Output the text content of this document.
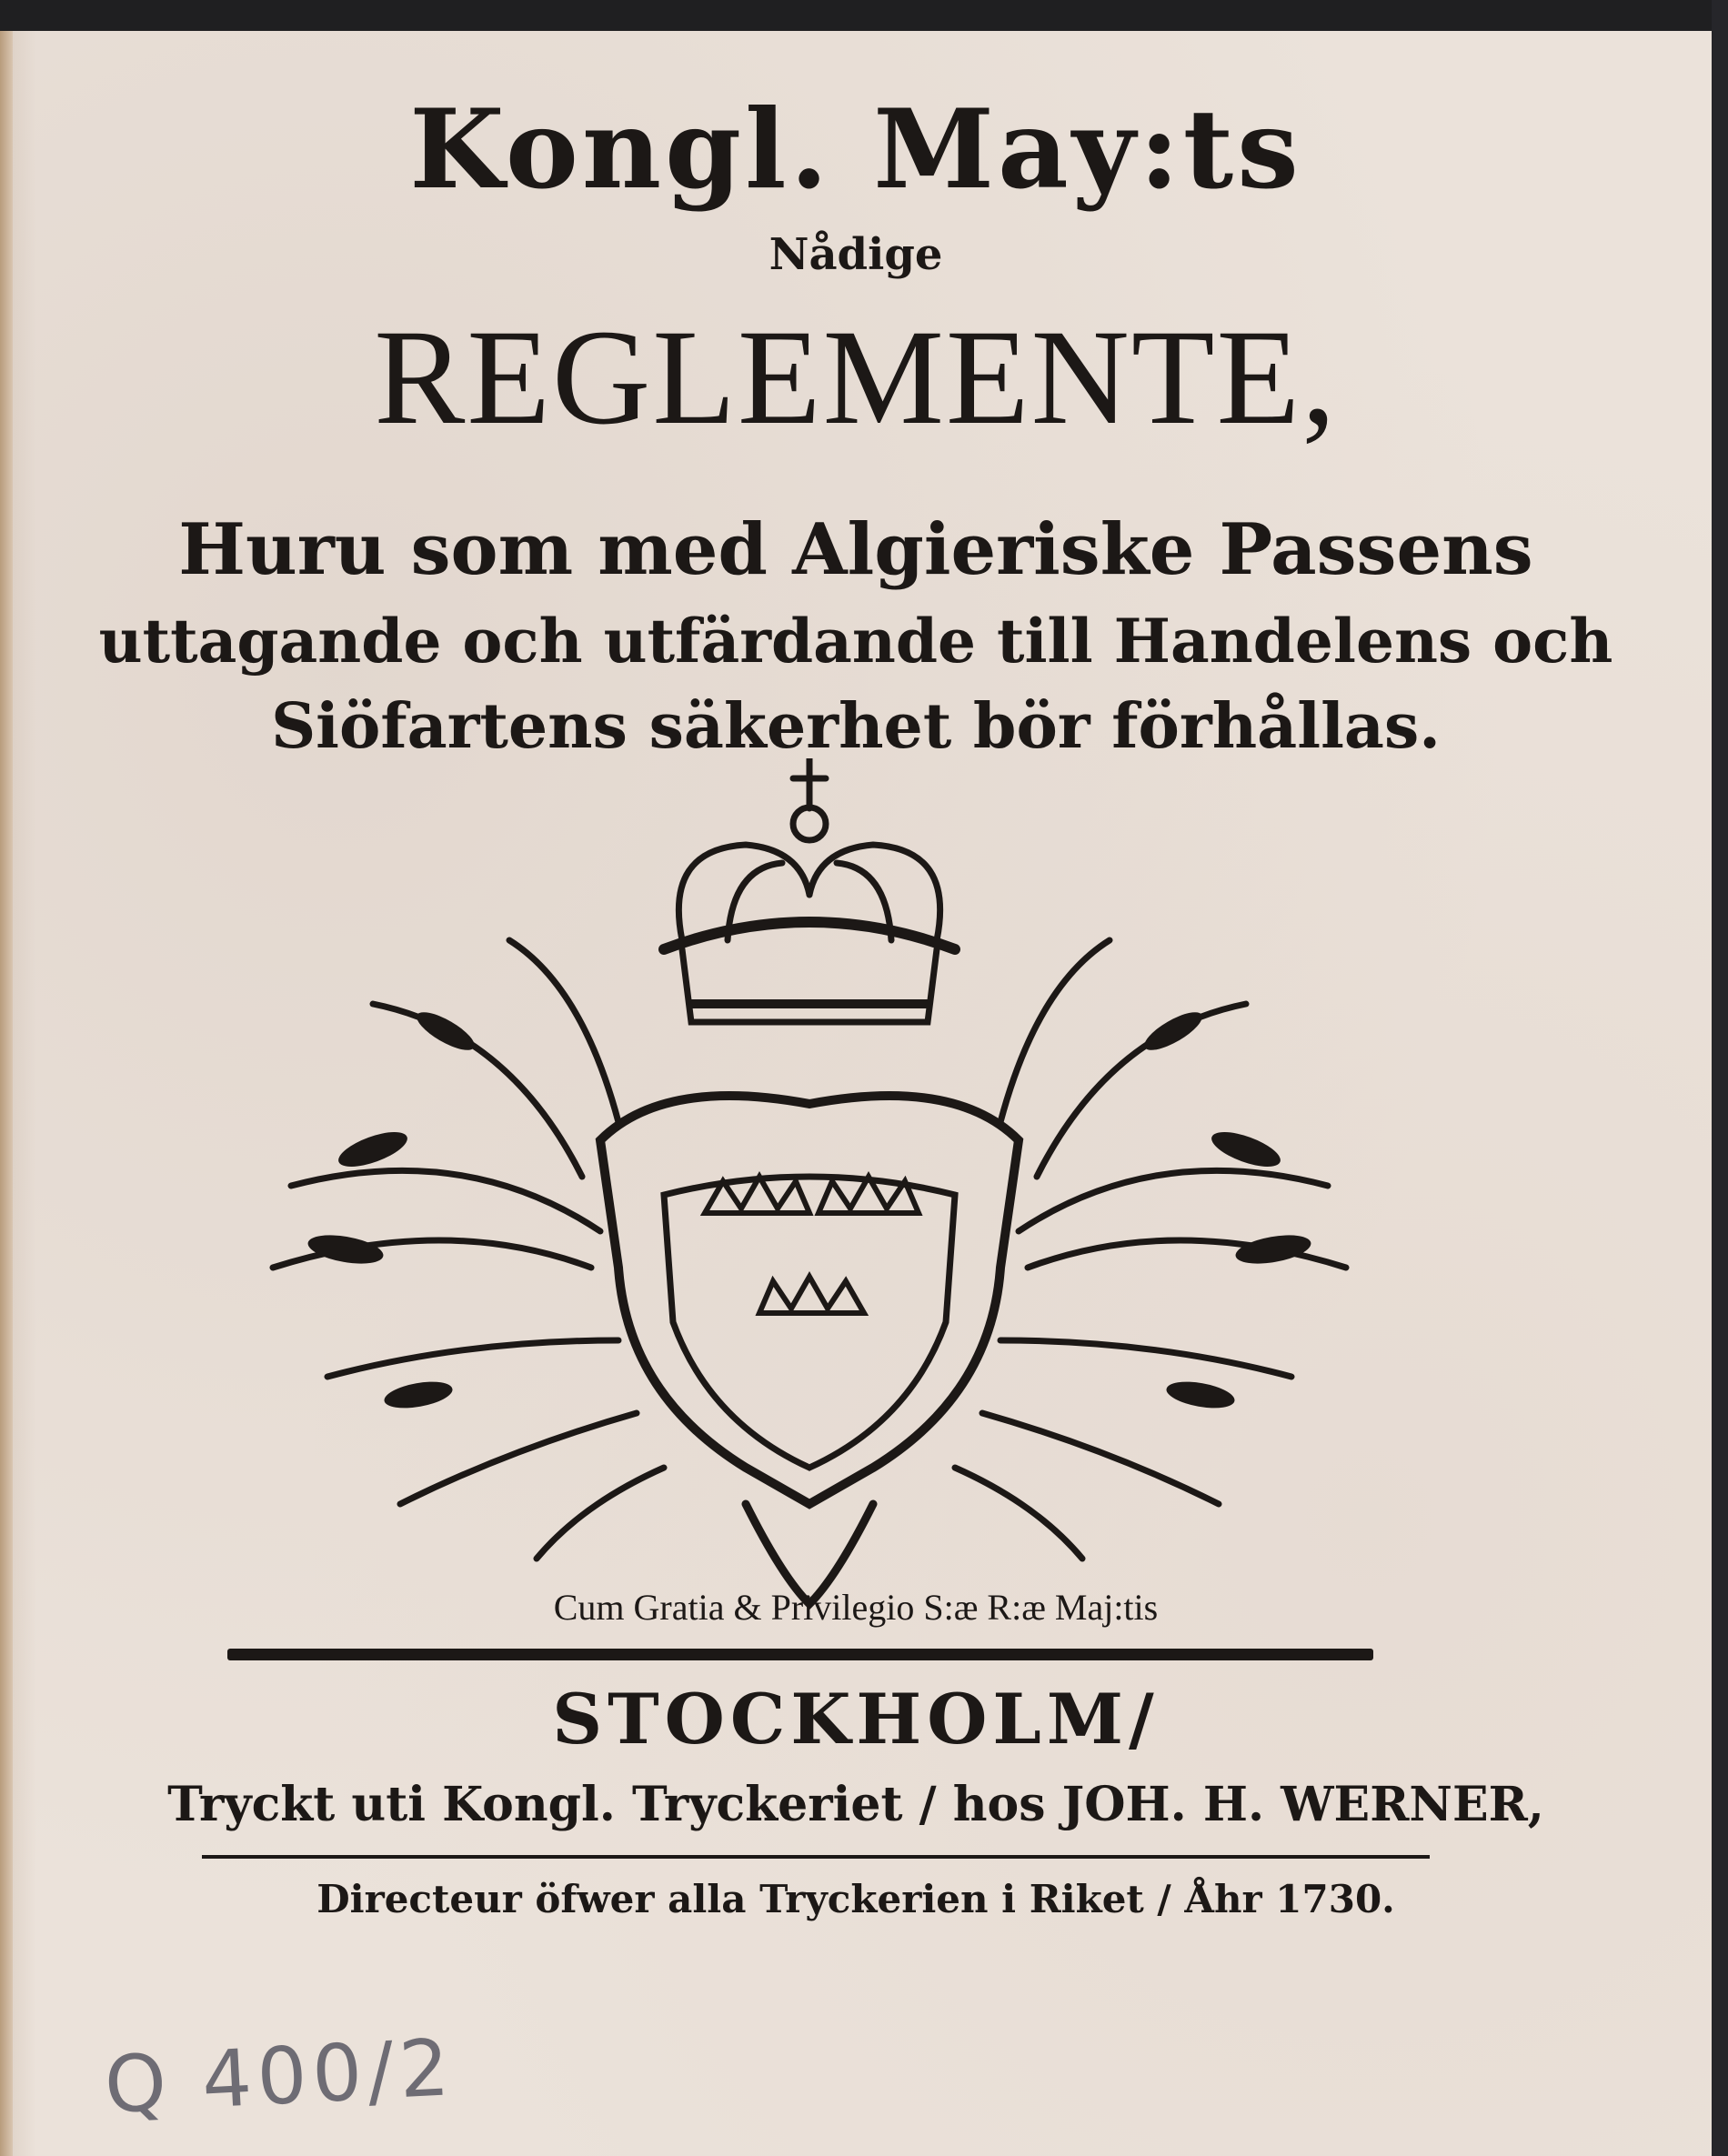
Kongl. May:ts
Nådige
REGLEMENTE,
Huru som med Algieriske Passens
uttagande och utfärdande till Handelens och
Siöfartens säkerhet bör förhållas.
Cum Gratia & Privilegio S:æ R:æ Maj:tis
STOCKHOLM/
Tryckt uti Kongl. Tryckeriet / hos JOH. H. WERNER,
Directeur öfwer alla Tryckerien i Riket / Åhr 1730.
Q 400/2
